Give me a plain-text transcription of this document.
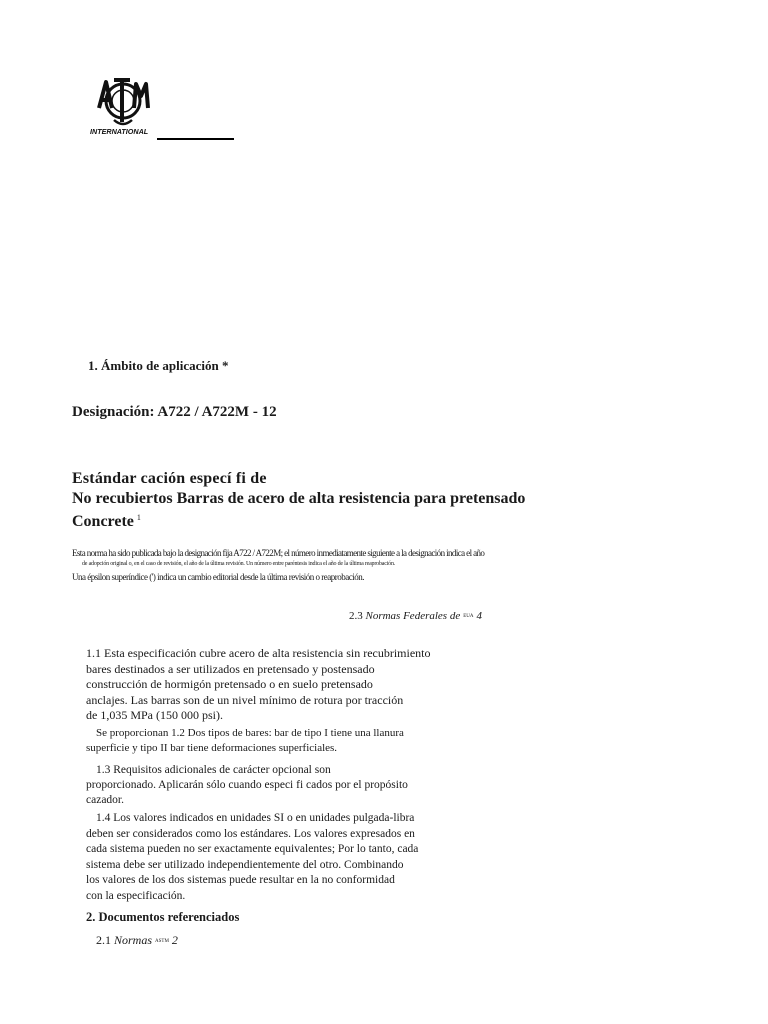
INTERNATIONAL

1. Ámbito de aplicación *

Designación: A722 / A722M - 12

Estándar cación especí fi de

No recubiertos Barras de acero de alta resistencia para pretensado

Concrete $^1$

Esta norma ha sido publicada bajo la designación fija A722 / A722M; el número inmediatamente siguiente a la designación indica el año

de adopción original o, en el caso de revisión, el año de la última revisión. Un número entre paréntesis indica el año de la última reaprobación.

Una épsilon superíndice (') indica un cambio editorial desde la última revisión o reaprobación.

2.3 Normas Federales de EUA 4

1.1 Esta especificación cubre acero de alta resistencia sin recubrimiento
bares destinados a ser utilizados en pretensado y postensado
construcción de hormigón pretensado o en suelo pretensado
anclajes. Las barras son de un nivel mínimo de rotura por tracción
de 1,035 MPa (150 000 psi).
Se proporcionan 1.2 Dos tipos de bares: bar de tipo I tiene una llanura
superficie y tipo II bar tiene deformaciones superficiales.
1.3 Requisitos adicionales de carácter opcional son
proporcionado. Aplicarán sólo cuando especi fi cados por el propósito
cazador.
1.4 Los valores indicados en unidades SI o en unidades pulgada-libra
deben ser considerados como los estándares. Los valores expresados en
cada sistema pueden no ser exactamente equivalentes; Por lo tanto, cada
sistema debe ser utilizado independientemente del otro. Combinando
los valores de los dos sistemas puede resultar en la no conformidad
con la especificación.

2. Documentos referenciados

2.1 Normas ASTM 2
